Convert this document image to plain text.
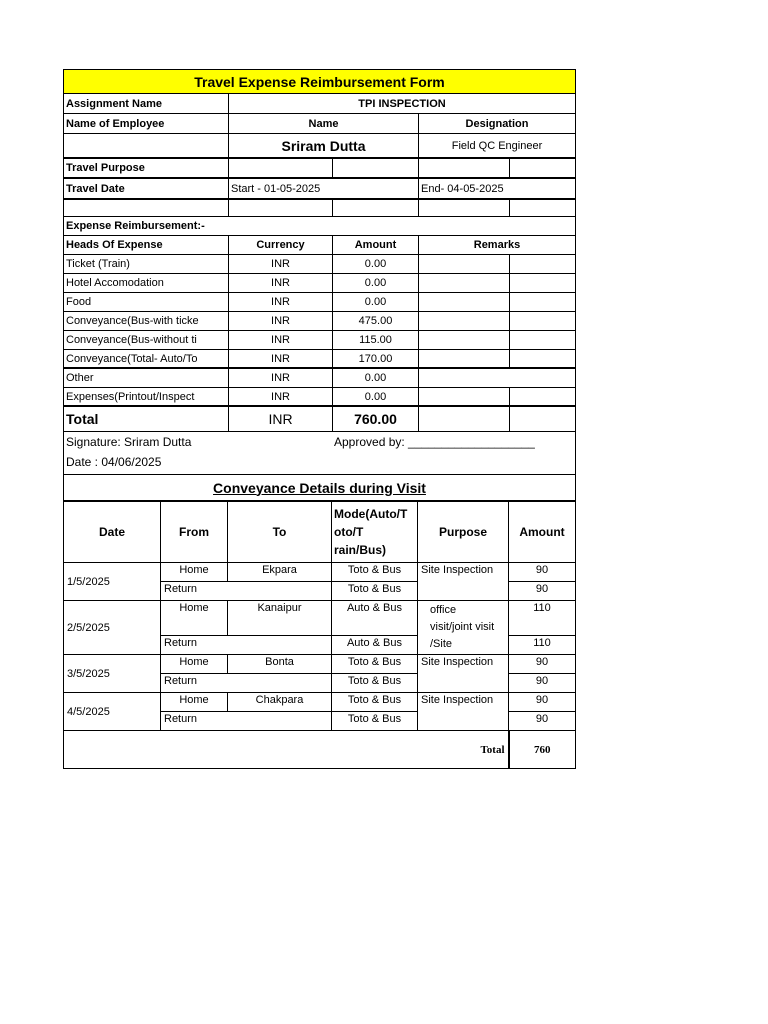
Travel Expense Reimbursement Form
Assignment Name	TPI INSPECTION
Name of Employee	Name	Designation
Sriram Dutta	Field QC Engineer
Travel Purpose
Travel Date	Start - 01-05-2025	End- 04-05-2025
Expense Reimbursement:-
Heads Of Expense	Currency	Amount	Remarks
Ticket (Train)	INR	0.00
Hotel Accomodation	INR	0.00
Food	INR	0.00
Conveyance(Bus-with ticke	INR	475.00
Conveyance(Bus-without ti	INR	115.00
Conveyance(Total- Auto/To	INR	170.00
Other	INR	0.00
Expenses(Printout/Inspect	INR	0.00
Total	INR	760.00
Signature: Sriram Dutta	Approved by: ___________________
Date : 04/06/2025
Conveyance Details during Visit
Date	From	To	Mode(Auto/T
oto/T
rain/Bus)	Purpose	Amount
1/5/2025	Home	Ekpara	Toto & Bus	Site Inspection	90
	Return		Toto & Bus		90
2/5/2025	Home	Kanaipur	Auto & Bus	office
visit/joint visit
/Site	110
	Return		Auto & Bus		110
3/5/2025	Home	Bonta	Toto & Bus	Site Inspection	90
	Return		Toto & Bus		90
4/5/2025	Home	Chakpara	Toto & Bus	Site Inspection	90
	Return		Toto & Bus		90
Total					760
